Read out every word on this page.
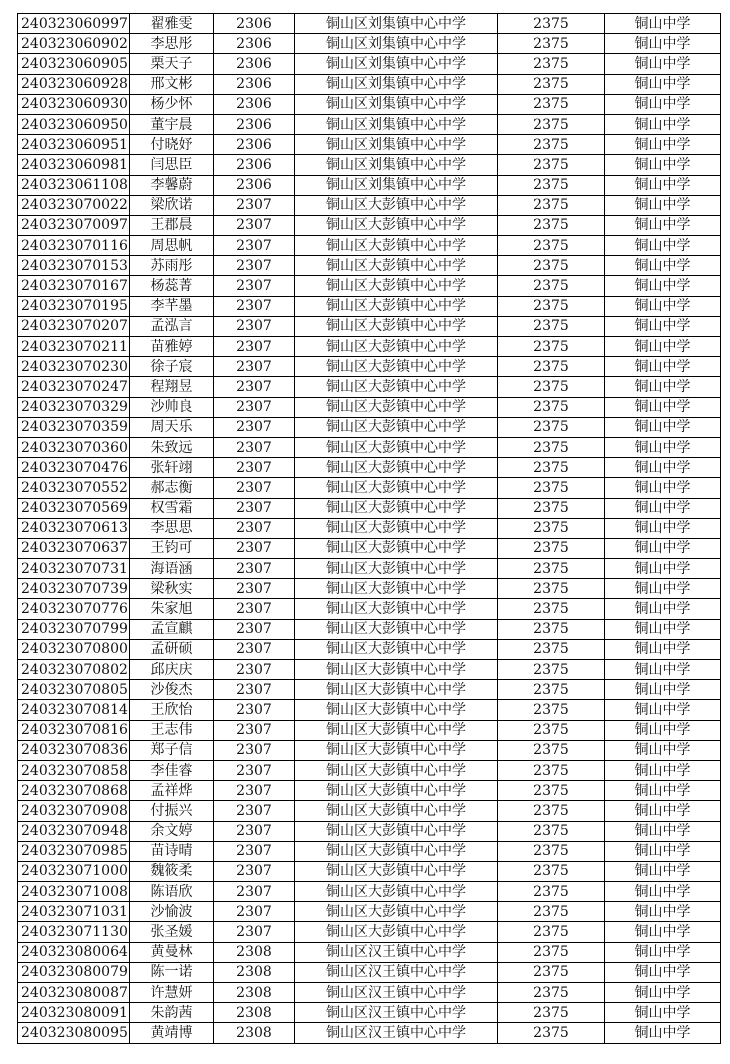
240323060997	翟雅雯	2306	铜山区刘集镇中心中学	2375	铜山中学
240323060902	李思彤	2306	铜山区刘集镇中心中学	2375	铜山中学
240323060905	栗天子	2306	铜山区刘集镇中心中学	2375	铜山中学
240323060928	邢文彬	2306	铜山区刘集镇中心中学	2375	铜山中学
240323060930	杨少怀	2306	铜山区刘集镇中心中学	2375	铜山中学
240323060950	董宇晨	2306	铜山区刘集镇中心中学	2375	铜山中学
240323060951	付晓妤	2306	铜山区刘集镇中心中学	2375	铜山中学
240323060981	闫思臣	2306	铜山区刘集镇中心中学	2375	铜山中学
240323061108	李馨蔚	2306	铜山区刘集镇中心中学	2375	铜山中学
240323070022	梁欣诺	2307	铜山区大彭镇中心中学	2375	铜山中学
240323070097	王郡晨	2307	铜山区大彭镇中心中学	2375	铜山中学
240323070116	周思帆	2307	铜山区大彭镇中心中学	2375	铜山中学
240323070153	苏雨彤	2307	铜山区大彭镇中心中学	2375	铜山中学
240323070167	杨蕊菁	2307	铜山区大彭镇中心中学	2375	铜山中学
240323070195	李芊墨	2307	铜山区大彭镇中心中学	2375	铜山中学
240323070207	孟泓言	2307	铜山区大彭镇中心中学	2375	铜山中学
240323070211	苗雅婷	2307	铜山区大彭镇中心中学	2375	铜山中学
240323070230	徐子宸	2307	铜山区大彭镇中心中学	2375	铜山中学
240323070247	程翔昱	2307	铜山区大彭镇中心中学	2375	铜山中学
240323070329	沙帅良	2307	铜山区大彭镇中心中学	2375	铜山中学
240323070359	周天乐	2307	铜山区大彭镇中心中学	2375	铜山中学
240323070360	朱致远	2307	铜山区大彭镇中心中学	2375	铜山中学
240323070476	张轩翊	2307	铜山区大彭镇中心中学	2375	铜山中学
240323070552	郝志衡	2307	铜山区大彭镇中心中学	2375	铜山中学
240323070569	权雪霜	2307	铜山区大彭镇中心中学	2375	铜山中学
240323070613	李思思	2307	铜山区大彭镇中心中学	2375	铜山中学
240323070637	王钧可	2307	铜山区大彭镇中心中学	2375	铜山中学
240323070731	海语涵	2307	铜山区大彭镇中心中学	2375	铜山中学
240323070739	梁秋实	2307	铜山区大彭镇中心中学	2375	铜山中学
240323070776	朱家旭	2307	铜山区大彭镇中心中学	2375	铜山中学
240323070799	孟宣麒	2307	铜山区大彭镇中心中学	2375	铜山中学
240323070800	孟研硕	2307	铜山区大彭镇中心中学	2375	铜山中学
240323070802	邱庆庆	2307	铜山区大彭镇中心中学	2375	铜山中学
240323070805	沙俊杰	2307	铜山区大彭镇中心中学	2375	铜山中学
240323070814	王欣怡	2307	铜山区大彭镇中心中学	2375	铜山中学
240323070816	王志伟	2307	铜山区大彭镇中心中学	2375	铜山中学
240323070836	郑子信	2307	铜山区大彭镇中心中学	2375	铜山中学
240323070858	李佳睿	2307	铜山区大彭镇中心中学	2375	铜山中学
240323070868	孟祥烨	2307	铜山区大彭镇中心中学	2375	铜山中学
240323070908	付振兴	2307	铜山区大彭镇中心中学	2375	铜山中学
240323070948	余文婷	2307	铜山区大彭镇中心中学	2375	铜山中学
240323070985	苗诗晴	2307	铜山区大彭镇中心中学	2375	铜山中学
240323071000	魏筱柔	2307	铜山区大彭镇中心中学	2375	铜山中学
240323071008	陈语欣	2307	铜山区大彭镇中心中学	2375	铜山中学
240323071031	沙愉波	2307	铜山区大彭镇中心中学	2375	铜山中学
240323071130	张圣媛	2307	铜山区大彭镇中心中学	2375	铜山中学
240323080064	黄曼林	2308	铜山区汉王镇中心中学	2375	铜山中学
240323080079	陈一诺	2308	铜山区汉王镇中心中学	2375	铜山中学
240323080087	许慧妍	2308	铜山区汉王镇中心中学	2375	铜山中学
240323080091	朱韵茜	2308	铜山区汉王镇中心中学	2375	铜山中学
240323080095	黄靖博	2308	铜山区汉王镇中心中学	2375	铜山中学
